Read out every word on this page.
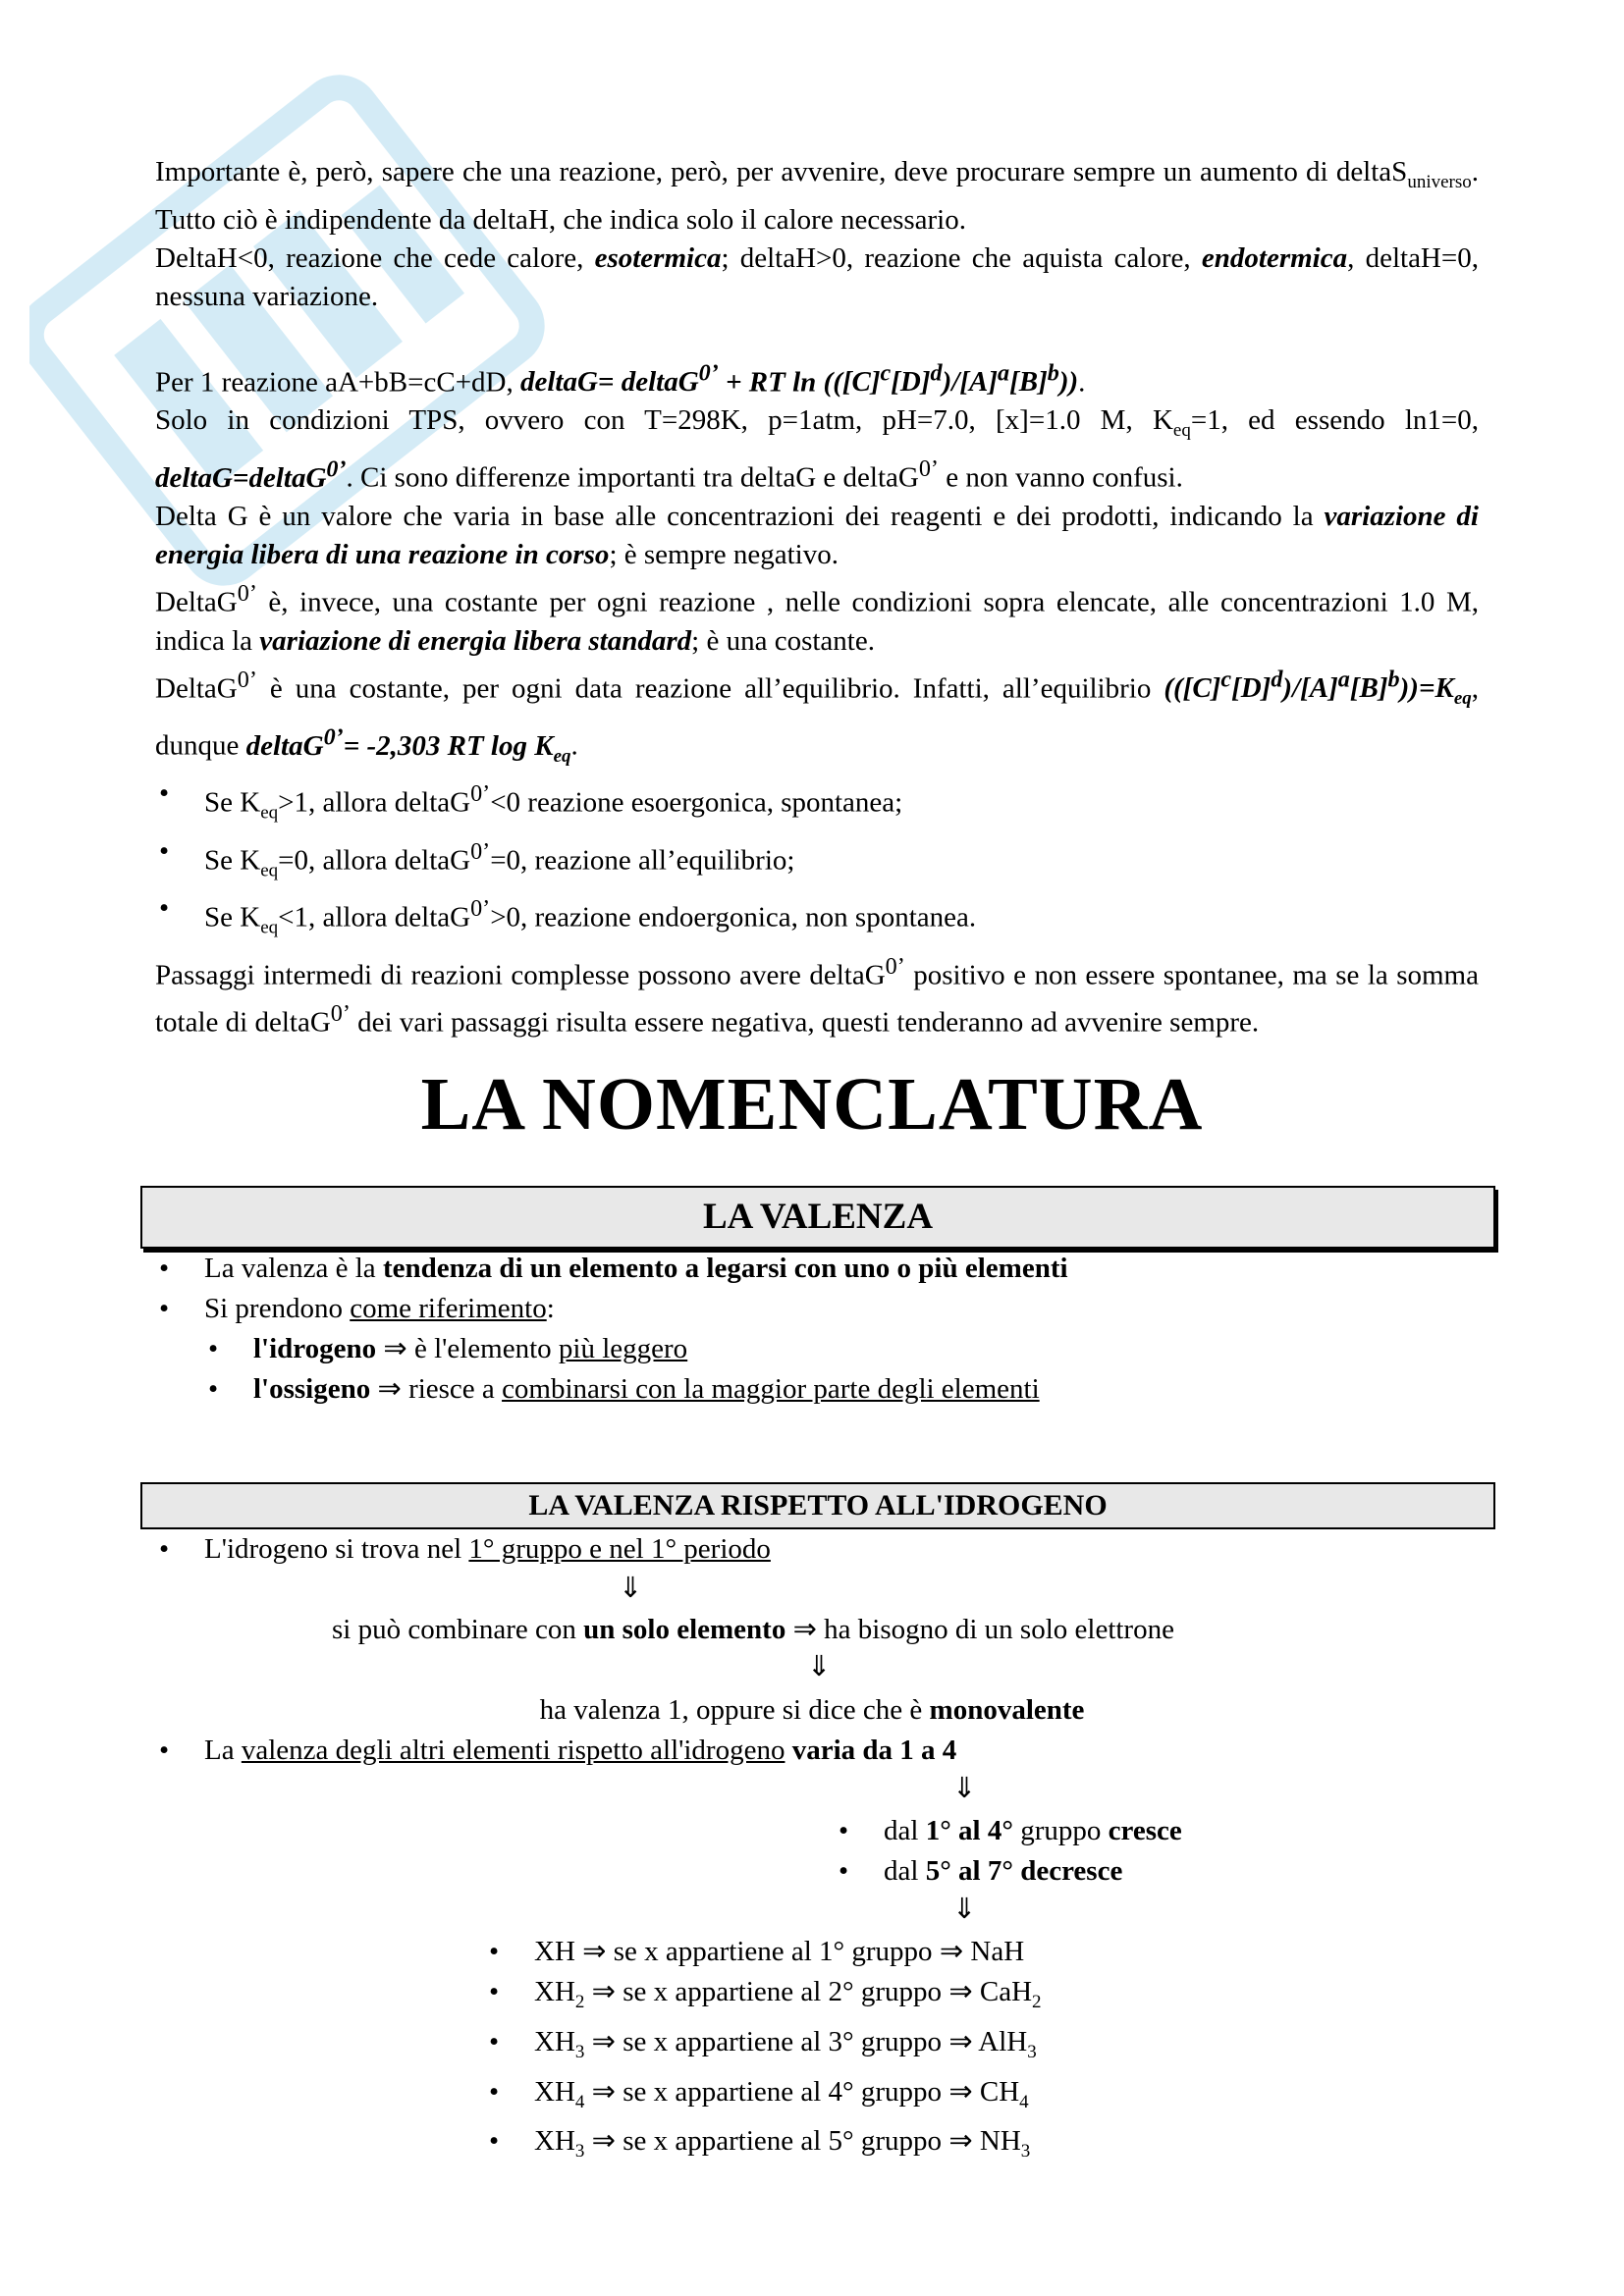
Importante è, però, sapere che una reazione, però, per avvenire, deve procurare sempre un aumento di deltaS$_{universo}$. Tutto ciò è indipendente da deltaH, che indica solo il calore necessario.

DeltaH<0, reazione che cede calore, esotermica; deltaH>0, reazione che aquista calore, endotermica, deltaH=0, nessuna variazione.

Per 1 reazione aA+bB=cC+dD, deltaG= deltaG$^{0’}$ + RT $\ln (([C]^c[D]^d)/[A]^a[B]^b)$).

Solo in condizioni TPS, ovvero con T=298K, p=1atm, pH=7.0, [x]=1.0 M, $K_{eq}=1$, ed essendo ln1=0, deltaG=deltaG$^{0’}$. Ci sono differenze importanti tra deltaG e deltaG$^{0’}$ e non vanno confusi.

Delta G è un valore che varia in base alle concentrazioni dei reagenti e dei prodotti, indicando la variazione di energia libera di una reazione in corso; è sempre negativo.

DeltaG$^{0’}$ è, invece, una costante per ogni reazione , nelle condizioni sopra elencate, alle concentrazioni 1.0 M, indica la variazione di energia libera standard; è una costante.

DeltaG$^{0’}$ è una costante, per ogni data reazione all’equilibrio. Infatti, all’equilibrio $(([C]^c[D]^d)/[A]^a[B]^b))=K_{eq}$, dunque deltaG$^{0’}$= -2,303 RT $\log K_{eq}$.

• Se $K_{eq}>1$, allora deltaG$^{0’}$<0 reazione esoergonica, spontanea;

• Se $K_{eq}=0$, allora deltaG$^{0’}$=0, reazione all’equilibrio;

• Se $K_{eq}<1$, allora deltaG$^{0’}$>0, reazione endoergonica, non spontanea.

Passaggi intermedi di reazioni complesse possono avere deltaG$^{0’}$ positivo e non essere spontanee, ma se la somma totale di deltaG$^{0’}$ dei vari passaggi risulta essere negativa, questi tenderanno ad avvenire sempre.

LA NOMENCLATURA
LA VALENZA
• La valenza è la tendenza di un elemento a legarsi con uno o più elementi
• Si prendono come riferimento:
• l'idrogeno ⇒ è l'elemento più leggero
• l'ossigeno ⇒ riesce a combinarsi con la maggior parte degli elementi
LA VALENZA RISPETTO ALL'IDROGENO
• L'idrogeno si trova nel 1° gruppo e nel 1° periodo
⇓
si può combinare con un solo elemento ⇒ ha bisogno di un solo elettrone
⇓
ha valenza 1, oppure si dice che è monovalente
• La valenza degli altri elementi rispetto all'idrogeno varia da 1 a 4
⇓
• dal 1° al 4° gruppo cresce
• dal 5° al 7° decresce
⇓
• XH ⇒ se x appartiene al 1° gruppo ⇒ NaH
• $XH_2$ ⇒ se x appartiene al 2° gruppo ⇒ CaH$_2$
• $XH_3$ ⇒ se x appartiene al 3° gruppo ⇒ AlH$_3$
• $XH_4$ ⇒ se x appartiene al 4° gruppo ⇒ $CH_4$
• $XH_3$ ⇒ se x appartiene al 5° gruppo ⇒ $NH_3$
